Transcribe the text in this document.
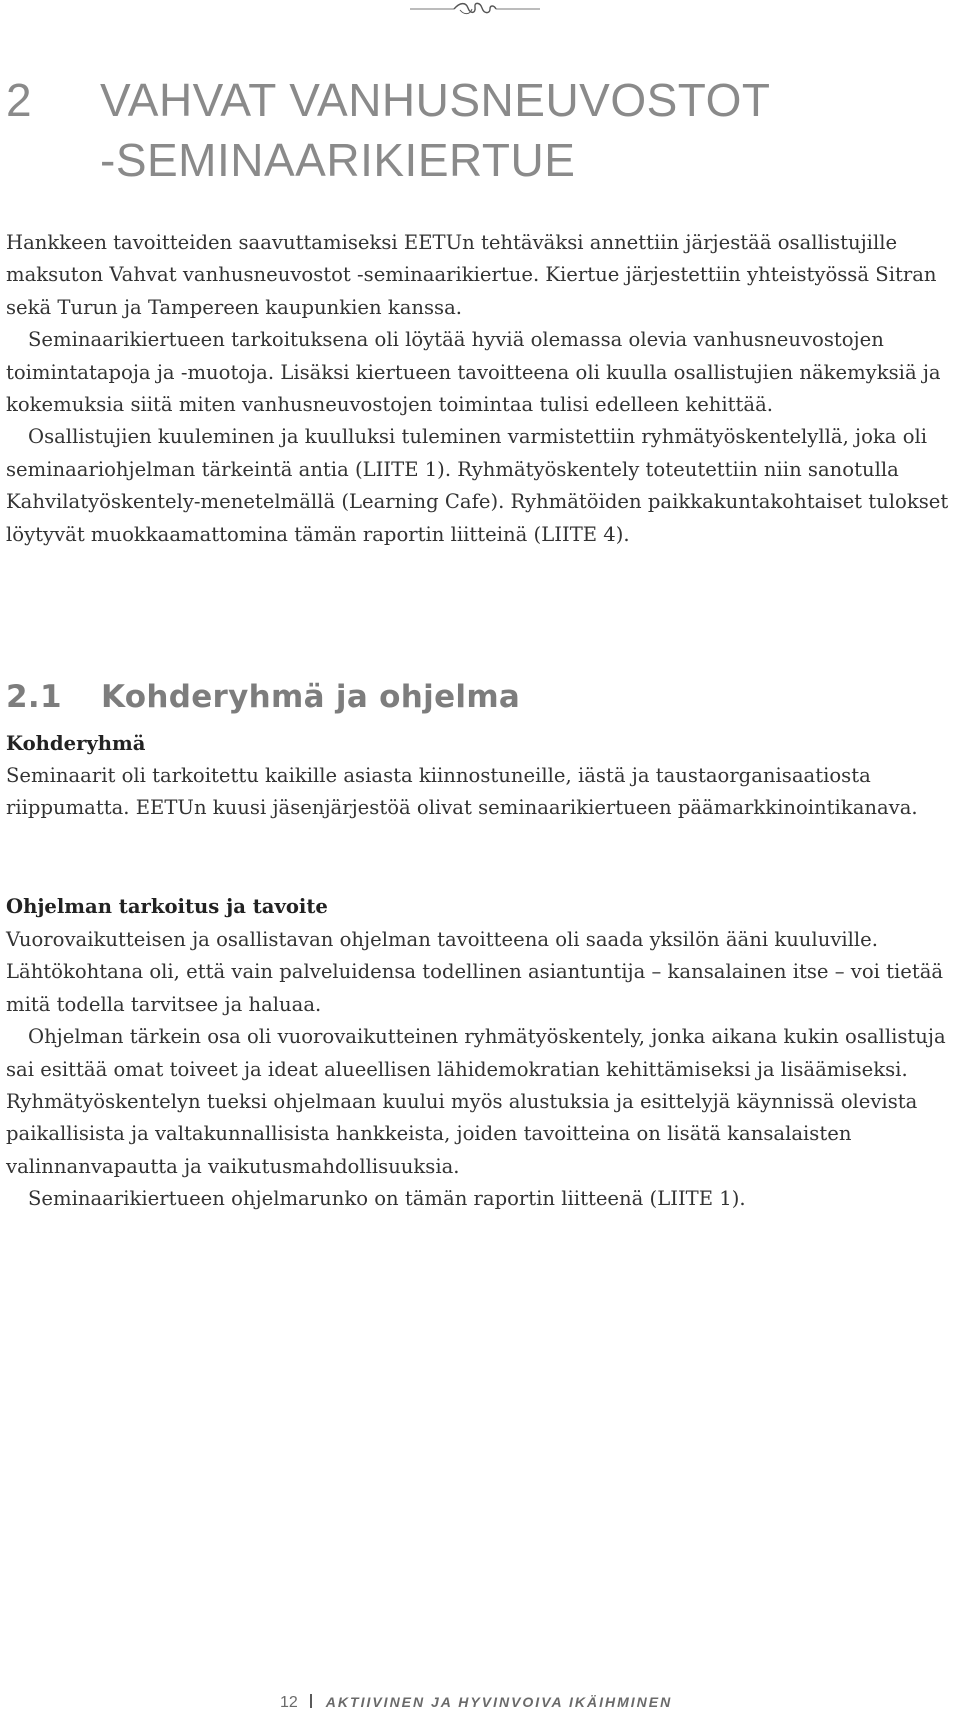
2 VAHVAT VANHUSNEUVOSTOT
-SEMINAARIKIERTUE

Hankkeen tavoitteiden saavuttamiseksi EETUn tehtäväksi annettiin järjestää osallistujille maksuton Vahvat vanhusneuvostot -seminaarikiertue. Kiertue järjestettiin yhteistyössä Sitran sekä Turun ja Tampereen kaupunkien kanssa.

Seminaarikiertueen tarkoituksena oli löytää hyviä olemassa olevia vanhusneuvostojen toimintatapoja ja -muotoja. Lisäksi kiertueen tavoitteena oli kuulla osallistujien näkemyksiä ja kokemuksia siitä miten vanhusneuvostojen toimintaa tulisi edelleen kehittää.

Osallistujien kuuleminen ja kuulluksi tuleminen varmistettiin ryhmätyöskentelyllä, joka oli seminaariohjelman tärkeintä antia (LIITE 1). Ryhmätyöskentely toteutettiin niin sanotulla Kahvilatyöskentely-menetelmällä (Learning Cafe). Ryhmätöiden paikkakuntakohtaiset tulokset löytyvät muokkaamattomina tämän raportin liitteinä (LIITE 4).

2.1 Kohderyhmä ja ohjelma
Kohderyhmä

Seminaarit oli tarkoitettu kaikille asiasta kiinnostuneille, iästä ja taustaorganisaatiosta riippumatta. EETUn kuusi jäsenjärjestöä olivat seminaarikiertueen päämarkkinointikanava.

Ohjelman tarkoitus ja tavoite

Vuorovaikutteisen ja osallistavan ohjelman tavoitteena oli saada yksilön ääni kuuluville. Lähtökohtana oli, että vain palveluidensa todellinen asiantuntija – kansalainen itse – voi tietää mitä todella tarvitsee ja haluaa.

Ohjelman tärkein osa oli vuorovaikutteinen ryhmätyöskentely, jonka aikana kukin osallistuja sai esittää omat toiveet ja ideat alueellisen lähidemokratian kehittämiseksi ja lisäämiseksi. Ryhmätyöskentelyn tueksi ohjelmaan kuului myös alustuksia ja esittelyjä käynnissä olevista paikallisista ja valtakunnallisista hankkeista, joiden tavoitteina on lisätä kansalaisten valinnanvapautta ja vaikutusmahdollisuuksia.

Seminaarikiertueen ohjelmarunko on tämän raportin liitteenä (LIITE 1).

12 AKTIIVINEN JA HYVINVOIVA IKÄIHMINEN
